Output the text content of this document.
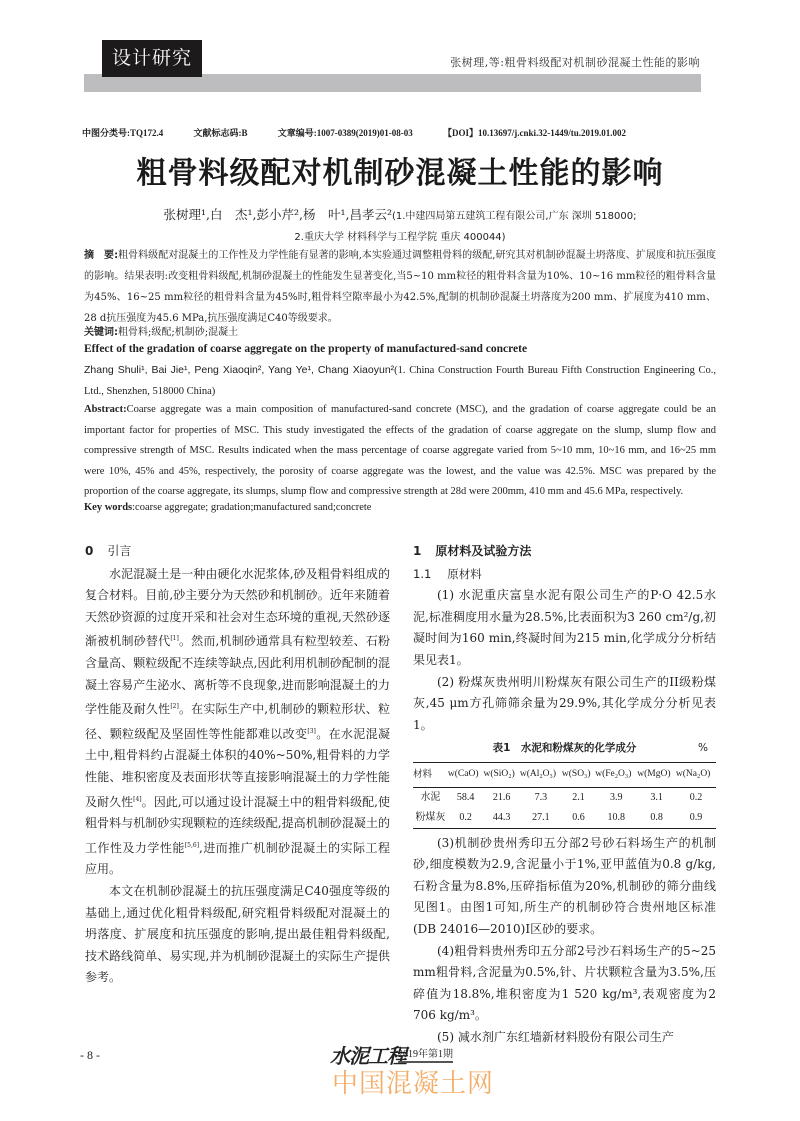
设计研究	张树理,等:粗骨料级配对机制砂混凝土性能的影响
中图分类号:TQ172.4	文献标志码:B	文章编号:1007-0389(2019)01-08-03	【DOI】10.13697/j.cnki.32-1449/tu.2019.01.002
粗骨料级配对机制砂混凝土性能的影响
张树理¹,白　杰¹,彭小芹²,杨　叶¹,昌孝云²(1.中建四局第五建筑工程有限公司,广东 深圳 518000;
2.重庆大学 材料科学与工程学院 重庆 400044)
摘　要:粗骨料级配对混凝土的工作性及力学性能有显著的影响,本实验通过调整粗骨料的级配,研究其对机制砂混凝土坍落度、扩展度和抗压强度的影响。结果表明:改变粗骨料级配,机制砂混凝土的性能发生显著变化,当5~10 mm粒径的粗骨料含量为10%、10~16 mm粒径的粗骨料含量为45%、16~25 mm粒径的粗骨料含量为45%时,粗骨料空隙率最小为42.5%,配制的机制砂混凝土坍落度为200 mm、扩展度为410 mm、28 d抗压强度为45.6 MPa,抗压强度满足C40等级要求。
关键词:粗骨料;级配;机制砂;混凝土
Effect of the gradation of coarse aggregate on the property of manufactured-sand concrete
Zhang Shuli¹, Bai Jie¹, Peng Xiaoqin², Yang Ye¹, Chang Xiaoyun²(1. China Construction Fourth Bureau Fifth Construction Engineering Co., Ltd., Shenzhen, 518000 China)
Abstract:Coarse aggregate was a main composition of manufactured-sand concrete (MSC), and the gradation of coarse aggregate could be an important factor for properties of MSC. This study investigated the effects of the gradation of coarse aggregate on the slump, slump flow and compressive strength of MSC. Results indicated when the mass percentage of coarse aggregate varied from 5~10 mm, 10~16 mm, and 16~25 mm were 10%, 45% and 45%, respectively, the porosity of coarse aggregate was the lowest, and the value was 42.5%. MSC was prepared by the proportion of the coarse aggregate, its slumps, slump flow and compressive strength at 28d were 200mm, 410 mm and 45.6 MPa, respectively.
Key words:coarse aggregate; gradation;manufactured sand;concrete
0 引言

水泥混凝土是一种由硬化水泥浆体,砂及粗骨料组成的复合材料。目前,砂主要分为天然砂和机制砂。近年来随着天然砂资源的过度开采和社会对生态环境的重视,天然砂逐渐被机制砂替代[1]。然而,机制砂通常具有粒型较差、石粉含量高、颗粒级配不连续等缺点,因此利用机制砂配制的混凝土容易产生泌水、离析等不良现象,进而影响混凝土的力学性能及耐久性[2]。在实际生产中,机制砂的颗粒形状、粒径、颗粒级配及坚固性等性能都难以改变[3]。在水泥混凝土中,粗骨料约占混凝土体积的40%~50%,粗骨料的力学性能、堆积密度及表面形状等直接影响混凝土的力学性能及耐久性[4]。因此,可以通过设计混凝土中的粗骨料级配,使粗骨料与机制砂实现颗粒的连续级配,提高机制砂混凝土的工作性及力学性能[5,6],进而推广机制砂混凝土的实际工程应用。

本文在机制砂混凝土的抗压强度满足C40强度等级的基础上,通过优化粗骨料级配,研究粗骨料级配对混凝土的坍落度、扩展度和抗压强度的影响,提出最佳粗骨料级配,技术路线简单、易实现,并为机制砂混凝土的实际生产提供参考。

1 原材料及试验方法
1.1 原材料

(1) 水泥重庆富皇水泥有限公司生产的P·O 42.5水泥,标准稠度用水量为28.5%,比表面积为3 260 cm²/g,初凝时间为160 min,终凝时间为215 min,化学成分分析结果见表1。

(2) 粉煤灰贵州明川粉煤灰有限公司生产的II级粉煤灰,45 μm方孔筛筛余量为29.9%,其化学成分分析见表1。

表1　水泥和粉煤灰的化学成分	%
材料	w(CaO)	w(SiO₂)	w(Al₂O₃)	w(SO₃)	w(Fe₂O₃)	w(MgO)	w(Na₂O)
水泥	58.4	21.6	7.3	2.1	3.9	3.1	0.2
粉煤灰	0.2	44.3	27.1	0.6	10.8	0.8	0.9

(3)机制砂贵州秀印五分部2号砂石料场生产的机制砂,细度模数为2.9,含泥量小于1%,亚甲蓝值为0.8 g/kg,石粉含量为8.8%,压碎指标值为20%,机制砂的筛分曲线见图1。由图1可知,所生产的机制砂符合贵州地区标准(DB 24016—2010)I区砂的要求。

(4)粗骨料贵州秀印五分部2号沙石料场生产的5~25 mm粗骨料,含泥量为0.5%,针、片状颗粒含量为3.5%,压碎值为18.8%,堆积密度为1 520 kg/m³,表观密度为2 706 kg/m³。

(5) 减水剂广东红墙新材料股份有限公司生产

- 8 -	水泥工程
2019年第1期
中国混凝土网
